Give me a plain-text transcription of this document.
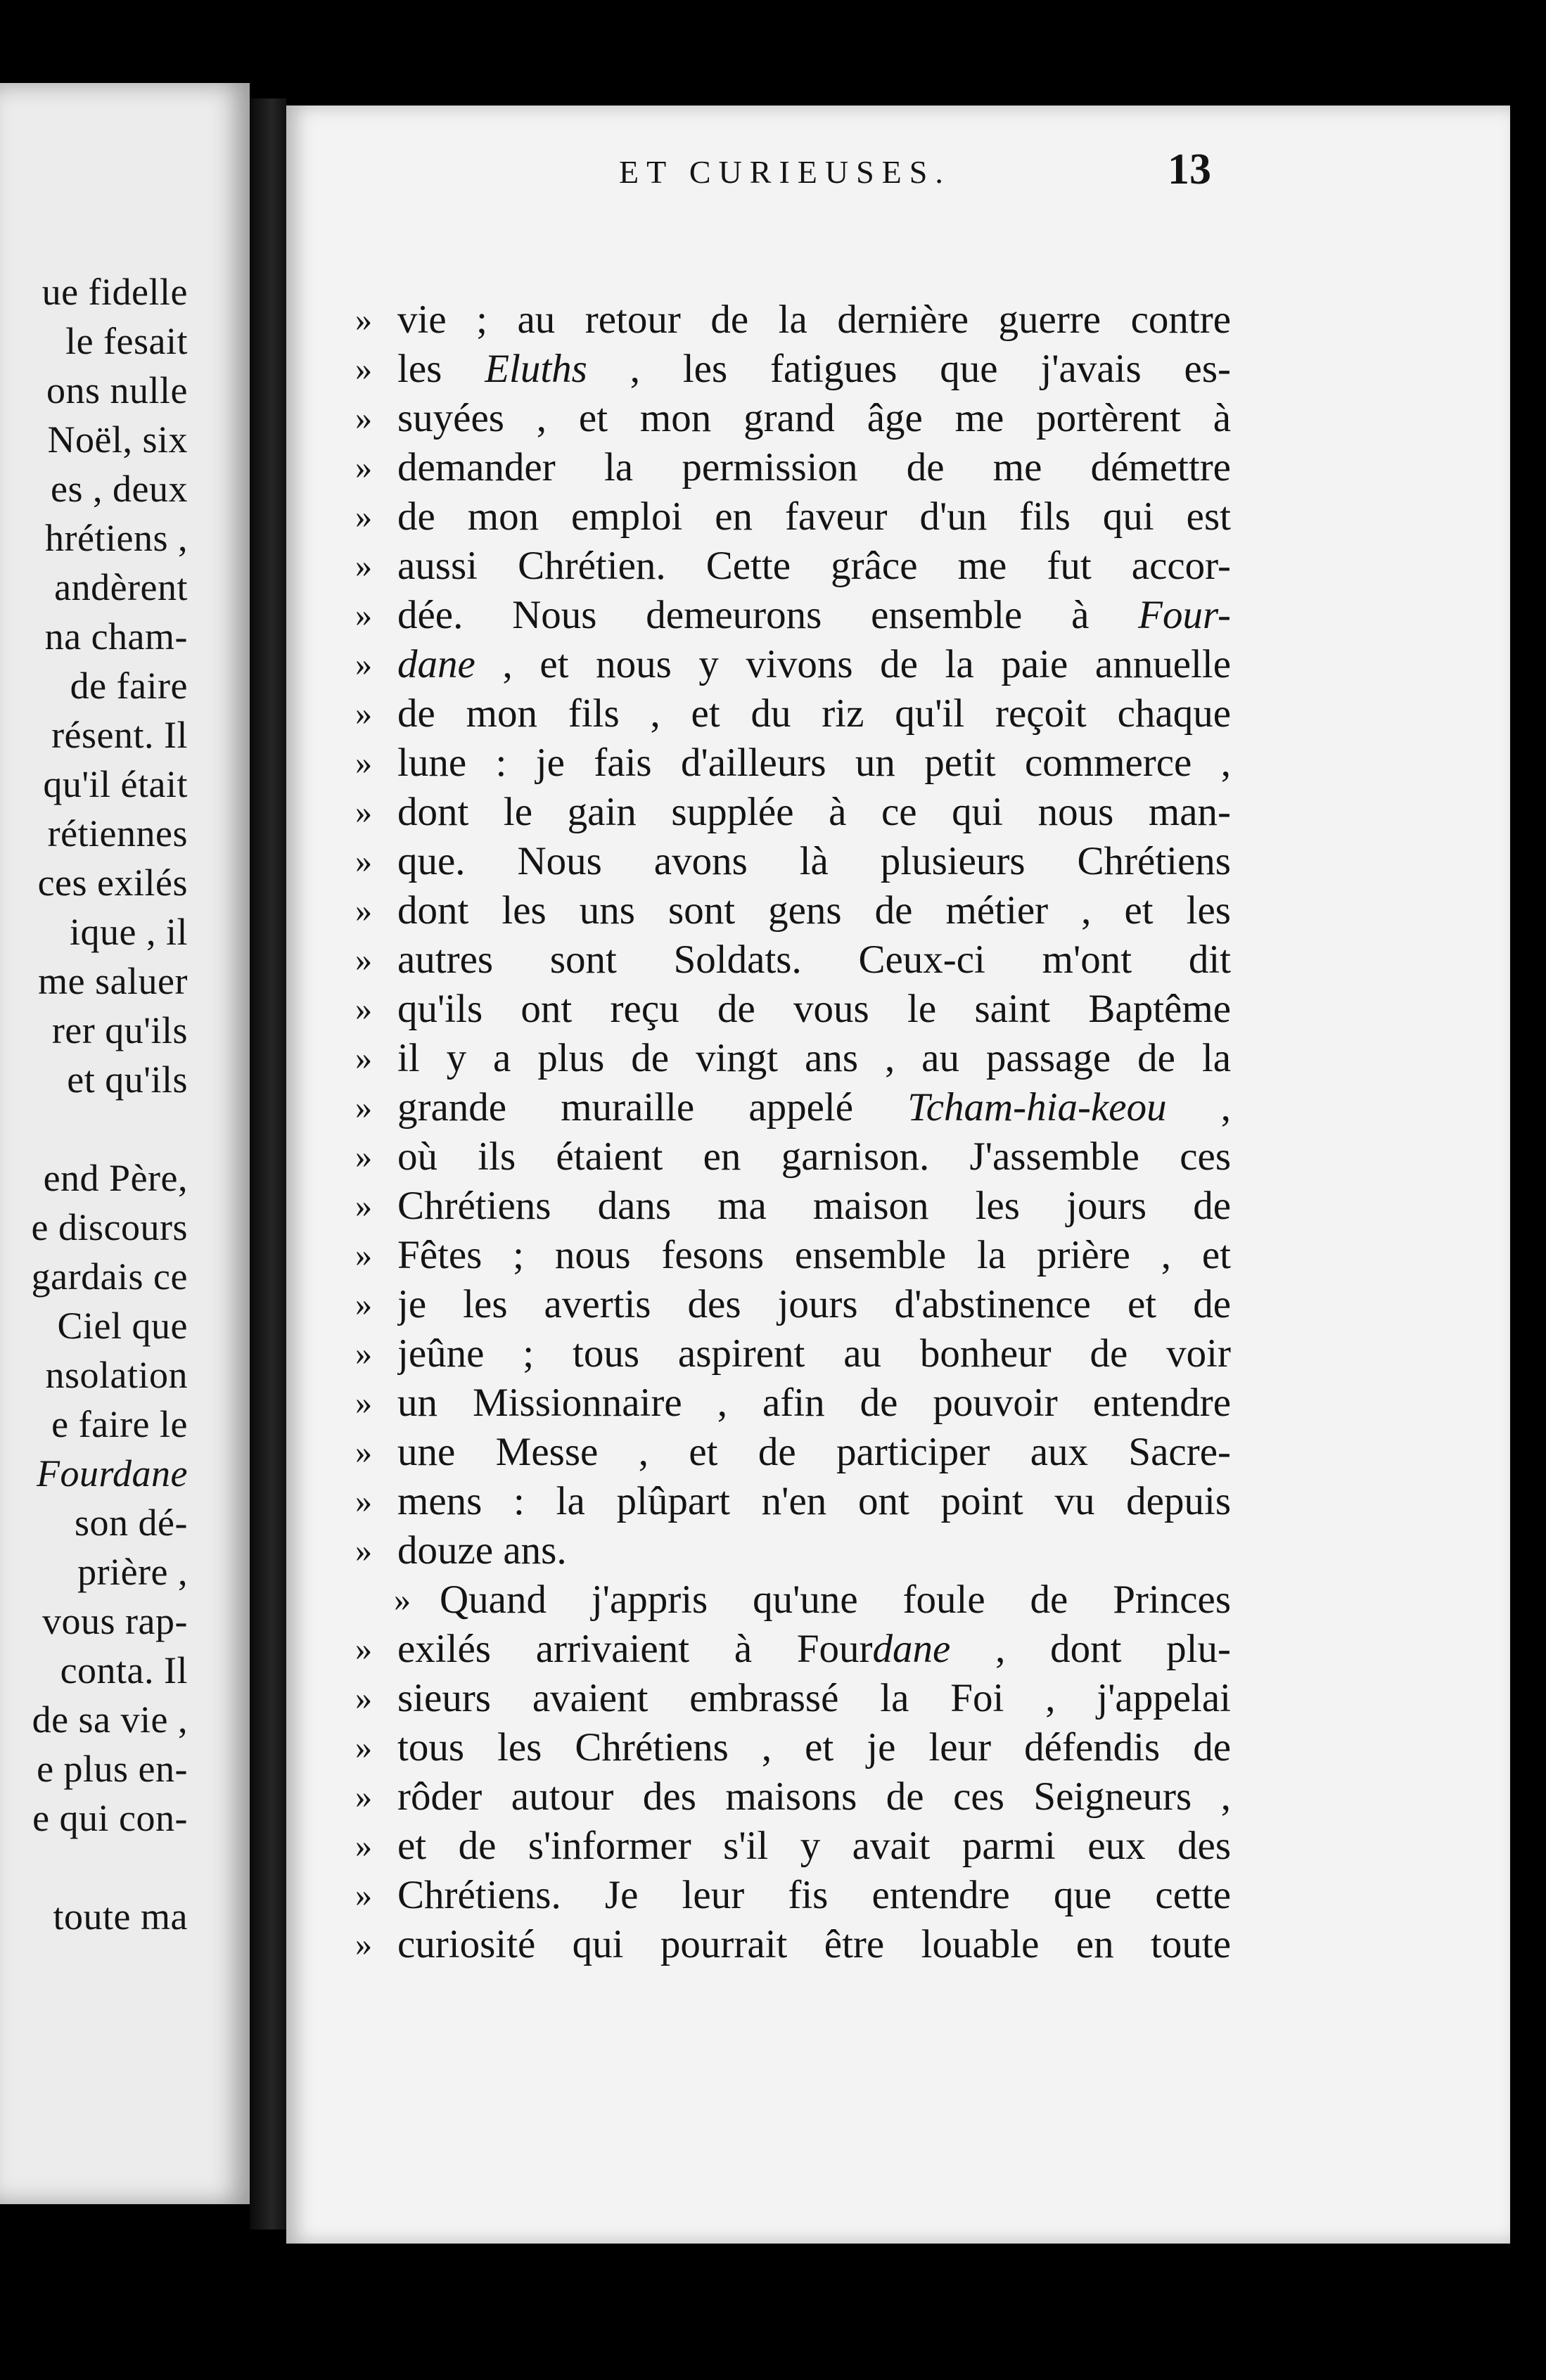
ue fidelle
le fesait
ons nulle
Noël, six
es , deux
hrétiens ,
andèrent
na cham-
de faire
résent. Il
qu'il était
rétiennes
ces exilés
ique , il
me saluer
rer qu'ils
et qu'ils
end Père,
e discours
gardais ce
Ciel que
nsolation
e faire le
Fourdane
son dé-
prière ,
vous rap-
conta. Il
de sa vie ,
e plus en-
e qui con-
toute ma
ET CURIEUSES.	13
» vie ; au retour de la dernière guerre contre
» les Eluths , les fatigues que j'avais es-
» suyées , et mon grand âge me portèrent à
» demander la permission de me démettre
» de mon emploi en faveur d'un fils qui est
» aussi Chrétien. Cette grâce me fut accor-
» dée. Nous demeurons ensemble à Four-
» dane , et nous y vivons de la paie annuelle
» de mon fils , et du riz qu'il reçoit chaque
» lune : je fais d'ailleurs un petit commerce ,
» dont le gain supplée à ce qui nous man-
» que. Nous avons là plusieurs Chrétiens
» dont les uns sont gens de métier , et les
» autres sont Soldats. Ceux-ci m'ont dit
» qu'ils ont reçu de vous le saint Baptême
» il y a plus de vingt ans , au passage de la
» grande muraille appelé Tcham-hia-keou ,
» où ils étaient en garnison. J'assemble ces
» Chrétiens dans ma maison les jours de
» Fêtes ; nous fesons ensemble la prière , et
» je les avertis des jours d'abstinence et de
» jeûne ; tous aspirent au bonheur de voir
» un Missionnaire , afin de pouvoir entendre
» une Messe , et de participer aux Sacre-
» mens : la plûpart n'en ont point vu depuis
» douze ans.
» Quand j'appris qu'une foule de Princes
» exilés arrivaient à Fourdane , dont plu-
» sieurs avaient embrassé la Foi , j'appelai
» tous les Chrétiens , et je leur défendis de
» rôder autour des maisons de ces Seigneurs ,
» et de s'informer s'il y avait parmi eux des
» Chrétiens. Je leur fis entendre que cette
» curiosité qui pourrait être louable en toute
